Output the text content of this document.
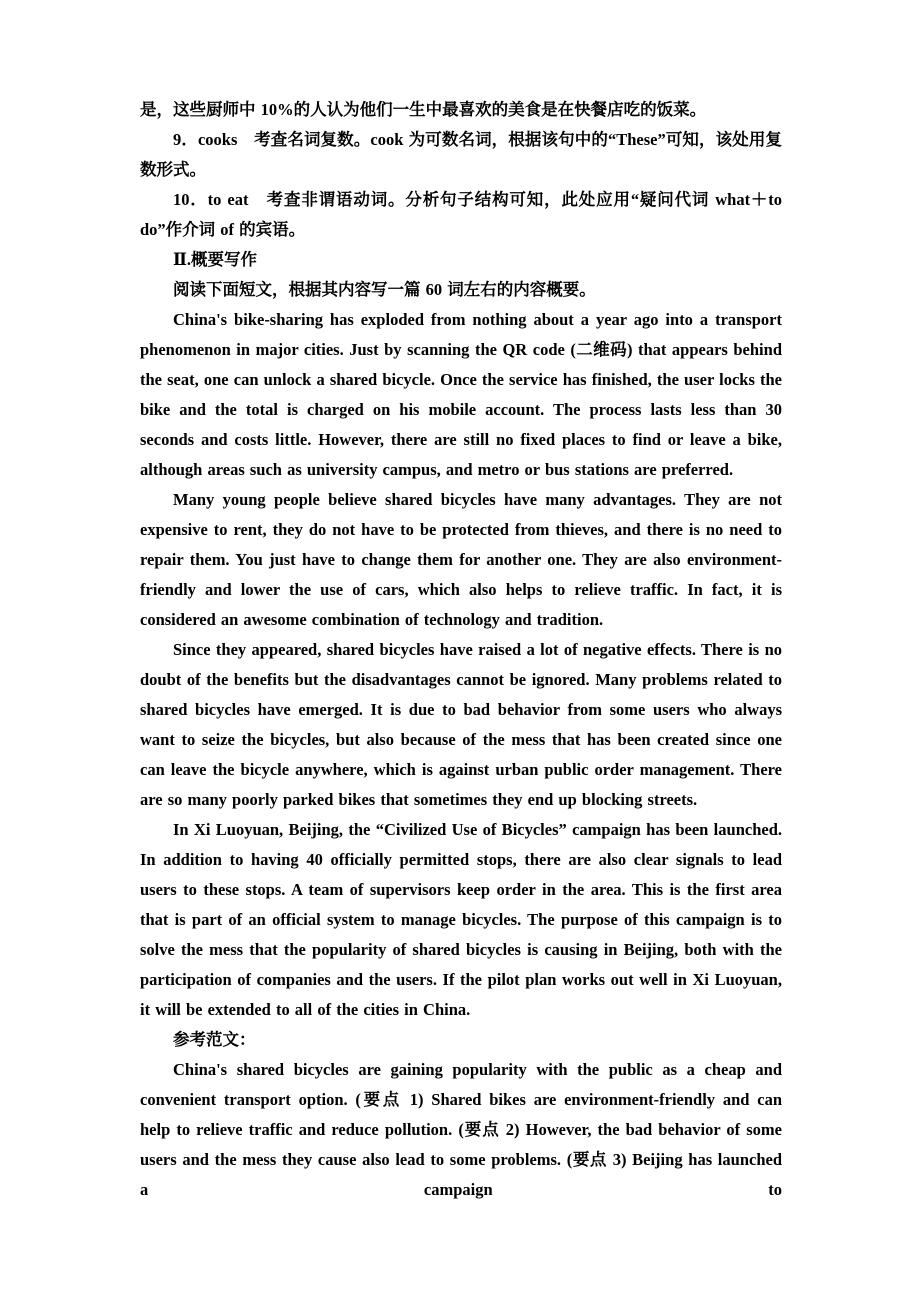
是，这些厨师中 10%的人认为他们一生中最喜欢的美食是在快餐店吃的饭菜。

9．cooks　考查名词复数。cook 为可数名词，根据该句中的“These”可知，该处用复数形式。

10．to eat　考查非谓语动词。分析句子结构可知，此处应用“疑问代词 what＋to do”作介词 of 的宾语。

Ⅱ.概要写作

阅读下面短文，根据其内容写一篇 60 词左右的内容概要。

China's bike-sharing has exploded from nothing about a year ago into a transport phenomenon in major cities. Just by scanning the QR code (二维码) that appears behind the seat, one can unlock a shared bicycle. Once the service has finished, the user locks the bike and the total is charged on his mobile account. The process lasts less than 30 seconds and costs little. However, there are still no fixed places to find or leave a bike, although areas such as university campus, and metro or bus stations are preferred.

Many young people believe shared bicycles have many advantages. They are not expensive to rent, they do not have to be protected from thieves, and there is no need to repair them. You just have to change them for another one. They are also environment-friendly and lower the use of cars, which also helps to relieve traffic. In fact, it is considered an awesome combination of technology and tradition.

Since they appeared, shared bicycles have raised a lot of negative effects. There is no doubt of the benefits but the disadvantages cannot be ignored. Many problems related to shared bicycles have emerged. It is due to bad behavior from some users who always want to seize the bicycles, but also because of the mess that has been created since one can leave the bicycle anywhere, which is against urban public order management. There are so many poorly parked bikes that sometimes they end up blocking streets.

In Xi Luoyuan, Beijing, the “Civilized Use of Bicycles” campaign has been launched. In addition to having 40 officially permitted stops, there are also clear signals to lead users to these stops. A team of supervisors keep order in the area. This is the first area that is part of an official system to manage bicycles. The purpose of this campaign is to solve the mess that the popularity of shared bicycles is causing in Beijing, both with the participation of companies and the users. If the pilot plan works out well in Xi Luoyuan, it will be extended to all of the cities in China.

参考范文：

China's shared bicycles are gaining popularity with the public as a cheap and convenient transport option. (要点 1) Shared bikes are environment-friendly and can help to relieve traffic and reduce pollution. (要点 2) However, the bad behavior of some users and the mess they cause also lead to some problems. (要点 3) Beijing has launched a campaign to
